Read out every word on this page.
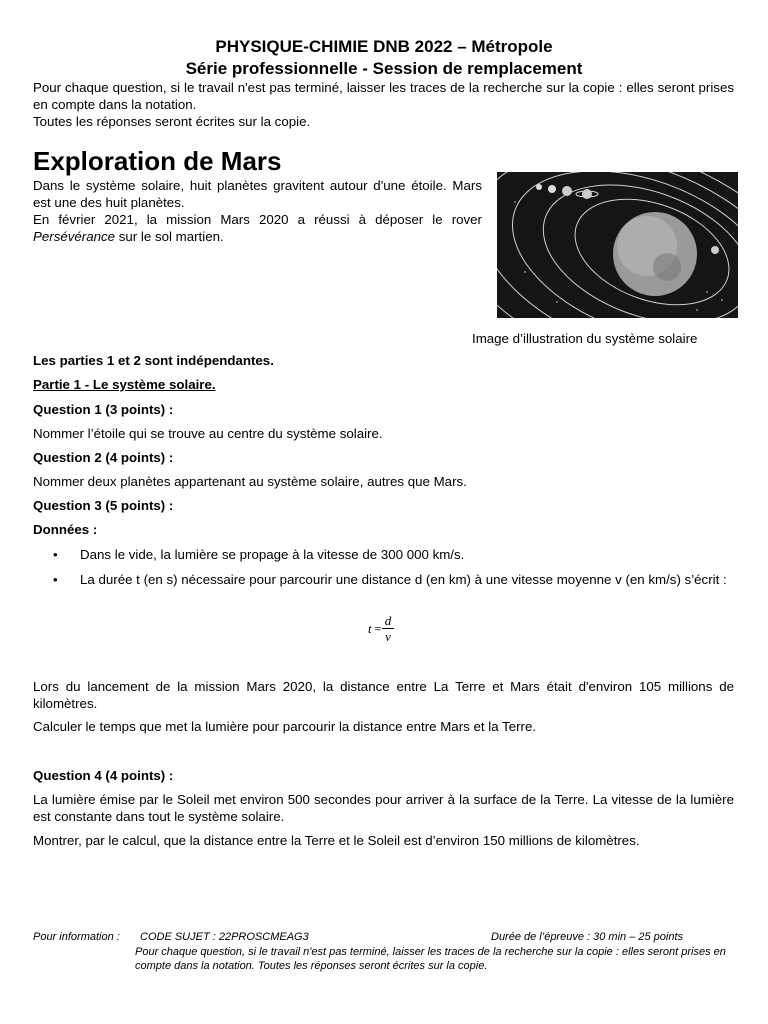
PHYSIQUE-CHIMIE DNB 2022 – Métropole
Série professionnelle - Session de remplacement
Pour chaque question, si le travail n'est pas terminé, laisser les traces de la recherche sur la copie : elles seront prises en compte dans la notation.
Toutes les réponses seront écrites sur la copie.
Exploration de Mars
Dans le système solaire, huit planètes gravitent autour d'une étoile. Mars est une des huit planètes.
En février 2021, la mission Mars 2020 a réussi à déposer le rover Persévérance sur le sol martien.
Image d’illustration du système solaire
Les parties 1 et 2 sont indépendantes.
Partie 1 - Le système solaire.
Question 1 (3 points) :
Nommer l’étoile qui se trouve au centre du système solaire.
Question 2 (4 points) :
Nommer deux planètes appartenant au système solaire, autres que Mars.
Question 3 (5 points) :
Données :
• Dans le vide, la lumière se propage à la vitesse de 300 000 km/s.
• La durée t (en s) nécessaire pour parcourir une distance d (en km) à une vitesse moyenne v (en km/s) s’écrit :
t =
d
v
Lors du lancement de la mission Mars 2020, la distance entre La Terre et Mars était d'environ 105 millions de kilomètres.
Calculer le temps que met la lumière pour parcourir la distance entre Mars et la Terre.
Question 4 (4 points) :
La lumière émise par le Soleil met environ 500 secondes pour arriver à la surface de la Terre. La vitesse de la lumière est constante dans tout le système solaire.
Montrer, par le calcul, que la distance entre la Terre et le Soleil est d’environ 150 millions de kilomètres.
Pour information : CODE SUJET : 22PROSCMEAG3	Durée de l’épreuve : 30 min – 25 points
Pour chaque question, si le travail n'est pas terminé, laisser les traces de la recherche sur la copie : elles seront prises en compte dans la notation. Toutes les réponses seront écrites sur la copie.
